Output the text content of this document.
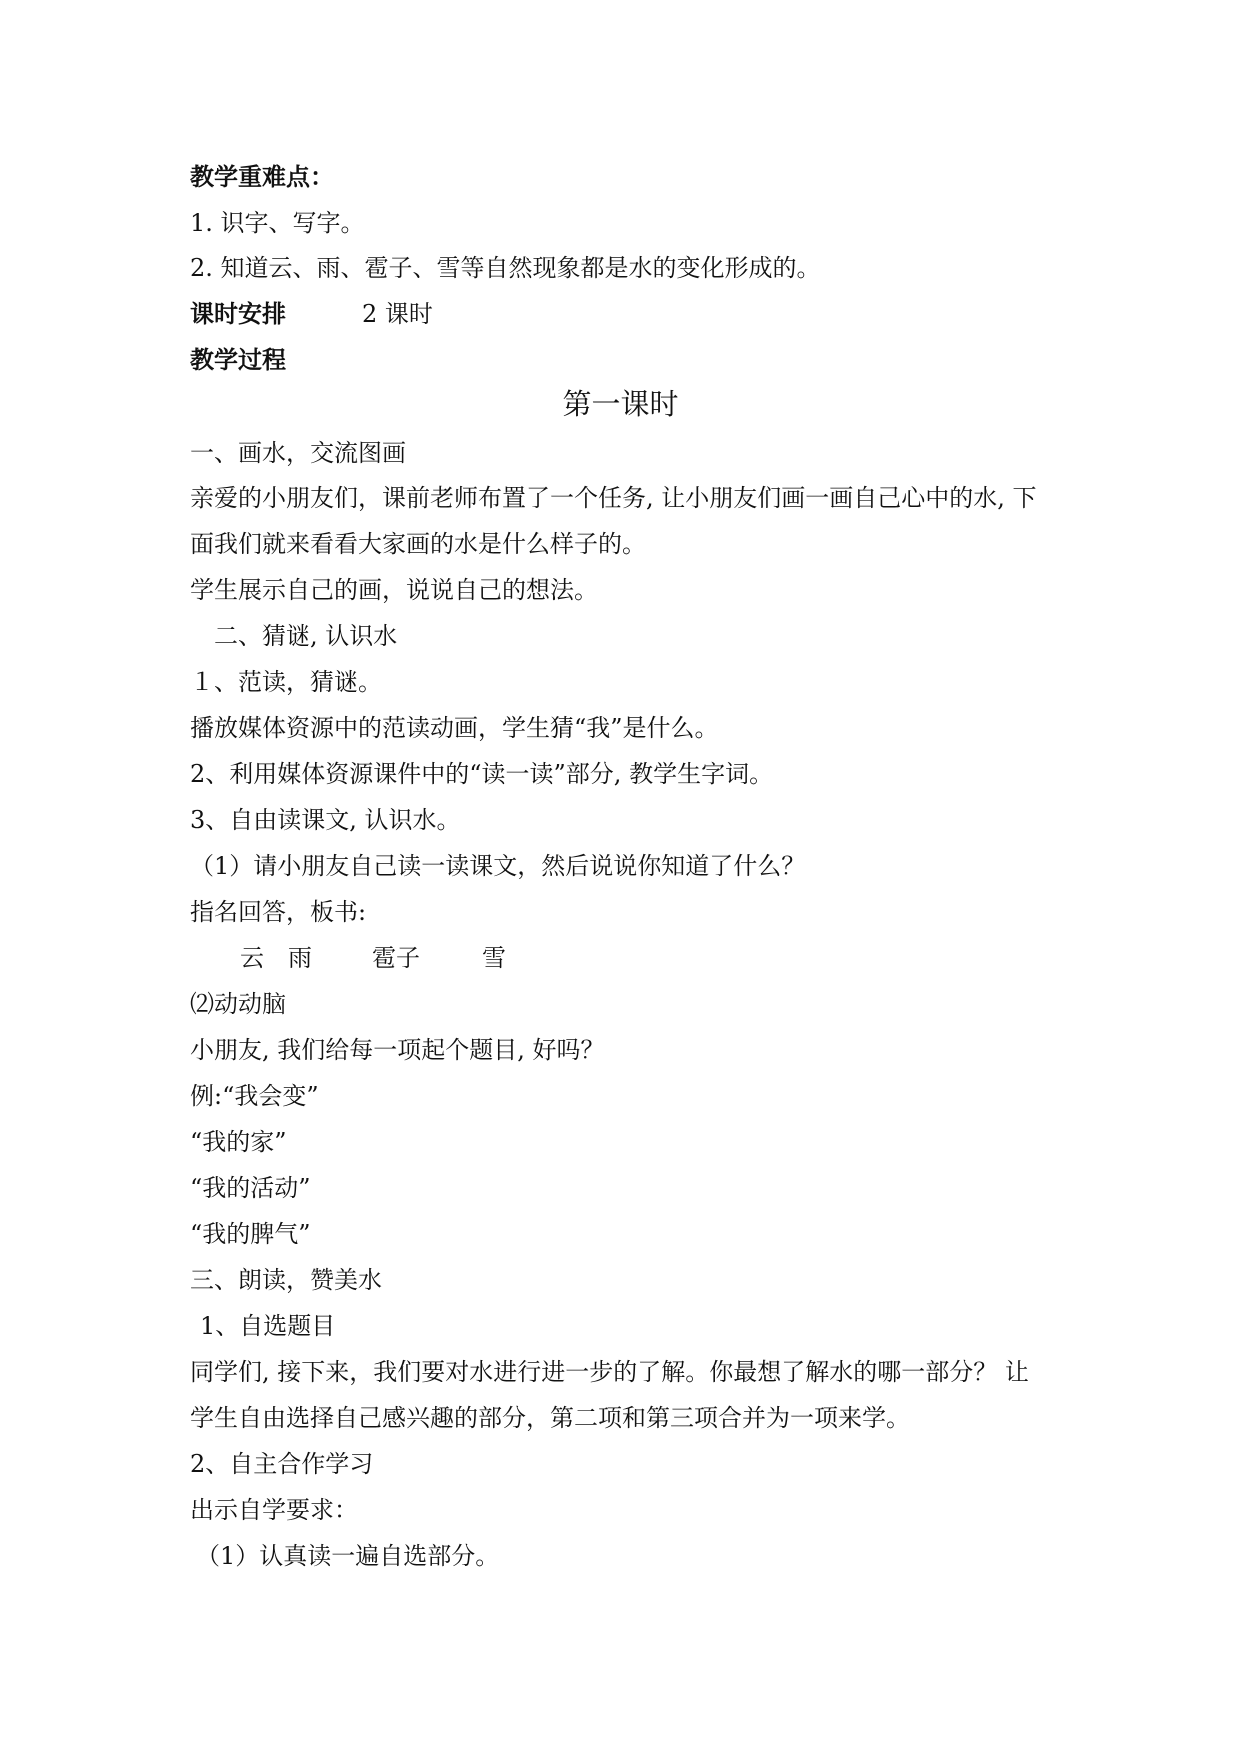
教学重难点：
1. 识字、写字。
2. 知道云、雨、雹子、雪等自然现象都是水的变化形成的。
课时安排	2 课时
教学过程
第一课时
一、画水，交流图画
亲爱的小朋友们，课前老师布置了一个任务, 让小朋友们画一画自己心中的水, 下
面我们就来看看大家画的水是什么样子的。
学生展示自己的画，说说自己的想法。
二、猜谜, 认识水
１、范读，猜谜。
播放媒体资源中的范读动画，学生猜“我”是什么。
2、利用媒体资源课件中的“读一读”部分, 教学生字词。
3、自由读课文, 认识水。
（1）请小朋友自己读一读课文，然后说说你知道了什么？
指名回答，板书:
云 雨	雹子	雪
⑵动动脑
小朋友, 我们给每一项起个题目, 好吗？
例:“我会变”
“我的家”
“我的活动”
“我的脾气”
三、朗读，赞美水
1、自选题目
同学们, 接下来，我们要对水进行进一步的了解。你最想了解水的哪一部分？ 让
学生自由选择自己感兴趣的部分，第二项和第三项合并为一项来学。
2、自主合作学习
出示自学要求：
（1）认真读一遍自选部分。
